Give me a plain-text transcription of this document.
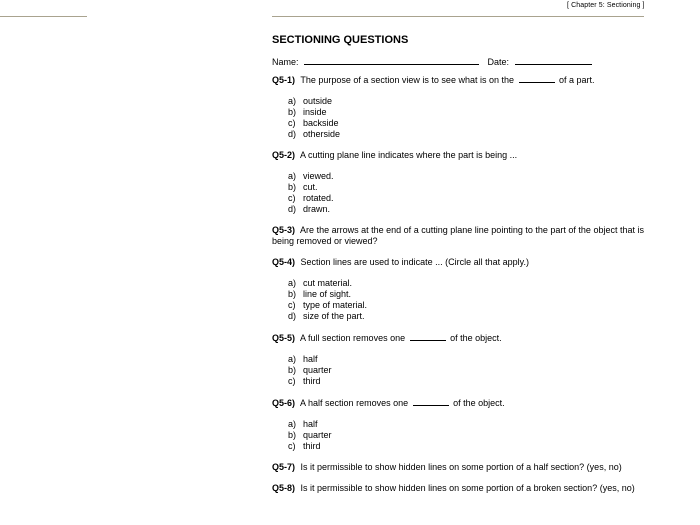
[ Chapter 5: Sectioning ]
SECTIONING QUESTIONS
Name:	Date:
Q5-1) The purpose of a section view is to see what is on the	of a part.
a) outside
b) inside
c) backside
d) otherside
Q5-2) A cutting plane line indicates where the part is being ...
a) viewed.
b) cut.
c) rotated.
d) drawn.
Q5-3) Are the arrows at the end of a cutting plane line pointing to the part of the object that is being removed or viewed?
Q5-4) Section lines are used to indicate ... (Circle all that apply.)
a) cut material.
b) line of sight.
c) type of material.
d) size of the part.
Q5-5) A full section removes one	of the object.
a) half
b) quarter
c) third
Q5-6) A half section removes one	of the object.
a) half
b) quarter
c) third
Q5-7) Is it permissible to show hidden lines on some portion of a half section? (yes, no)
Q5-8) Is it permissible to show hidden lines on some portion of a broken section? (yes, no)
